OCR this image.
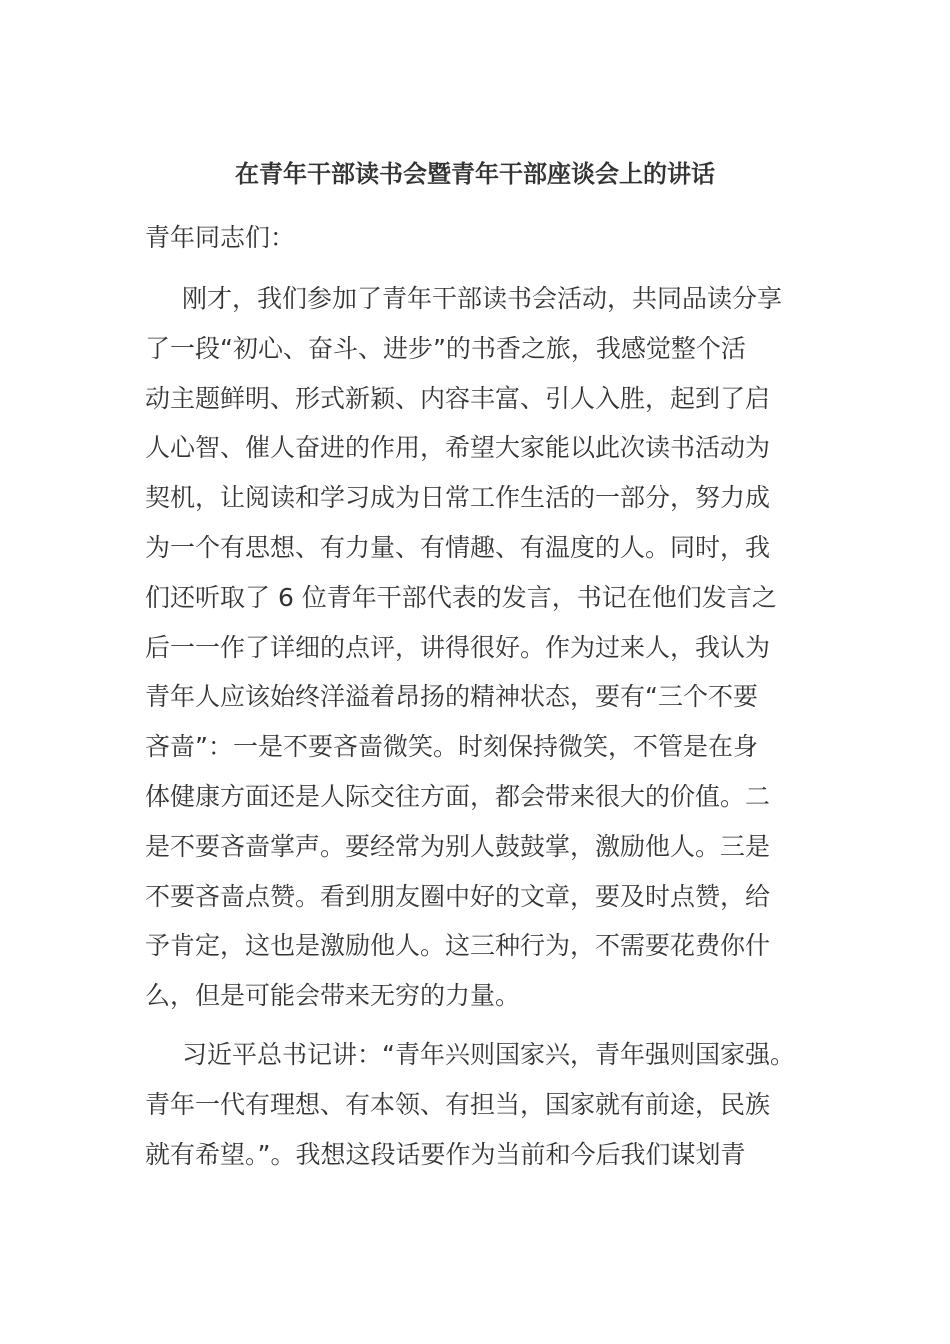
在青年干部读书会暨青年干部座谈会上的讲话

青年同志们：

刚才，我们参加了青年干部读书会活动，共同品读分享
了一段“初心、奋斗、进步”的书香之旅，我感觉整个活
动主题鲜明、形式新颖、内容丰富、引人入胜，起到了启
人心智、催人奋进的作用，希望大家能以此次读书活动为
契机，让阅读和学习成为日常工作生活的一部分，努力成
为一个有思想、有力量、有情趣、有温度的人。同时，我
们还听取了 6 位青年干部代表的发言，书记在他们发言之
后一一作了详细的点评，讲得很好。作为过来人，我认为
青年人应该始终洋溢着昂扬的精神状态，要有“三个不要
吝啬”：一是不要吝啬微笑。时刻保持微笑，不管是在身
体健康方面还是人际交往方面，都会带来很大的价值。二
是不要吝啬掌声。要经常为别人鼓鼓掌，激励他人。三是
不要吝啬点赞。看到朋友圈中好的文章，要及时点赞，给
予肯定，这也是激励他人。这三种行为，不需要花费你什
么，但是可能会带来无穷的力量。
习近平总书记讲：“青年兴则国家兴，青年强则国家强。
青年一代有理想、有本领、有担当，国家就有前途，民族
就有希望。”。我想这段话要作为当前和今后我们谋划青
